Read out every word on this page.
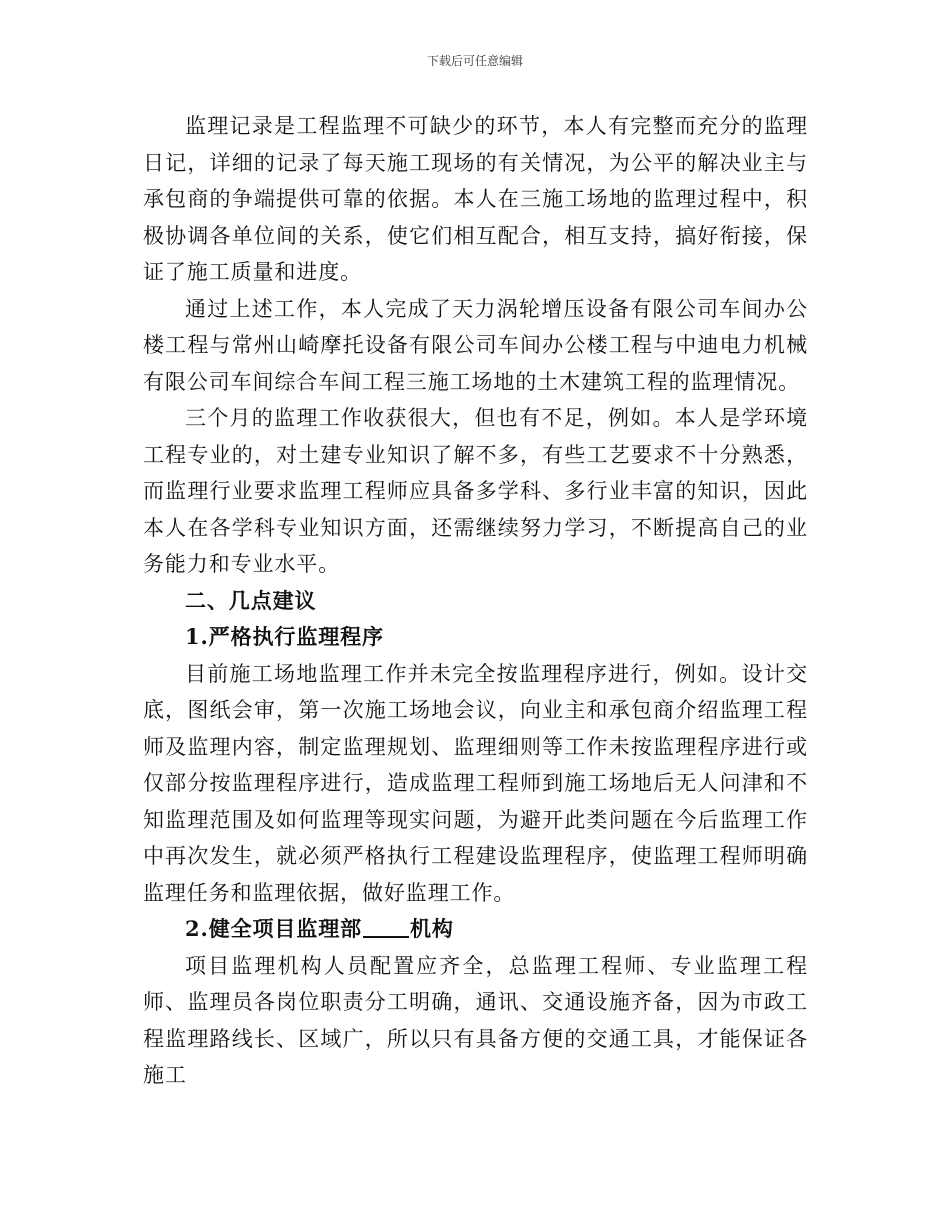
下载后可任意编辑

监理记录是工程监理不可缺少的环节，本人有完整而充分的监理日记，详细的记录了每天施工现场的有关情况，为公平的解决业主与承包商的争端提供可靠的依据。本人在三施工场地的监理过程中，积极协调各单位间的关系，使它们相互配合，相互支持，搞好衔接，保证了施工质量和进度。

通过上述工作，本人完成了天力涡轮增压设备有限公司车间办公楼工程与常州山崎摩托设备有限公司车间办公楼工程与中迪电力机械有限公司车间综合车间工程三施工场地的土木建筑工程的监理情况。

三个月的监理工作收获很大，但也有不足，例如。本人是学环境工程专业的，对土建专业知识了解不多，有些工艺要求不十分熟悉，而监理行业要求监理工程师应具备多学科、多行业丰富的知识，因此本人在各学科专业知识方面，还需继续努力学习，不断提高自己的业务能力和专业水平。

二、几点建议

1.严格执行监理程序

目前施工场地监理工作并未完全按监理程序进行，例如。设计交底，图纸会审，第一次施工场地会议，向业主和承包商介绍监理工程师及监理内容，制定监理规划、监理细则等工作未按监理程序进行或仅部分按监理程序进行，造成监理工程师到施工场地后无人问津和不知监理范围及如何监理等现实问题，为避开此类问题在今后监理工作中再次发生，就必须严格执行工程建设监理程序，使监理工程师明确监理任务和监理依据，做好监理工作。

2.健全项目监理部 机构

项目监理机构人员配置应齐全，总监理工程师、专业监理工程师、监理员各岗位职责分工明确，通讯、交通设施齐备，因为市政工程监理路线长、区域广，所以只有具备方便的交通工具，才能保证各施工
